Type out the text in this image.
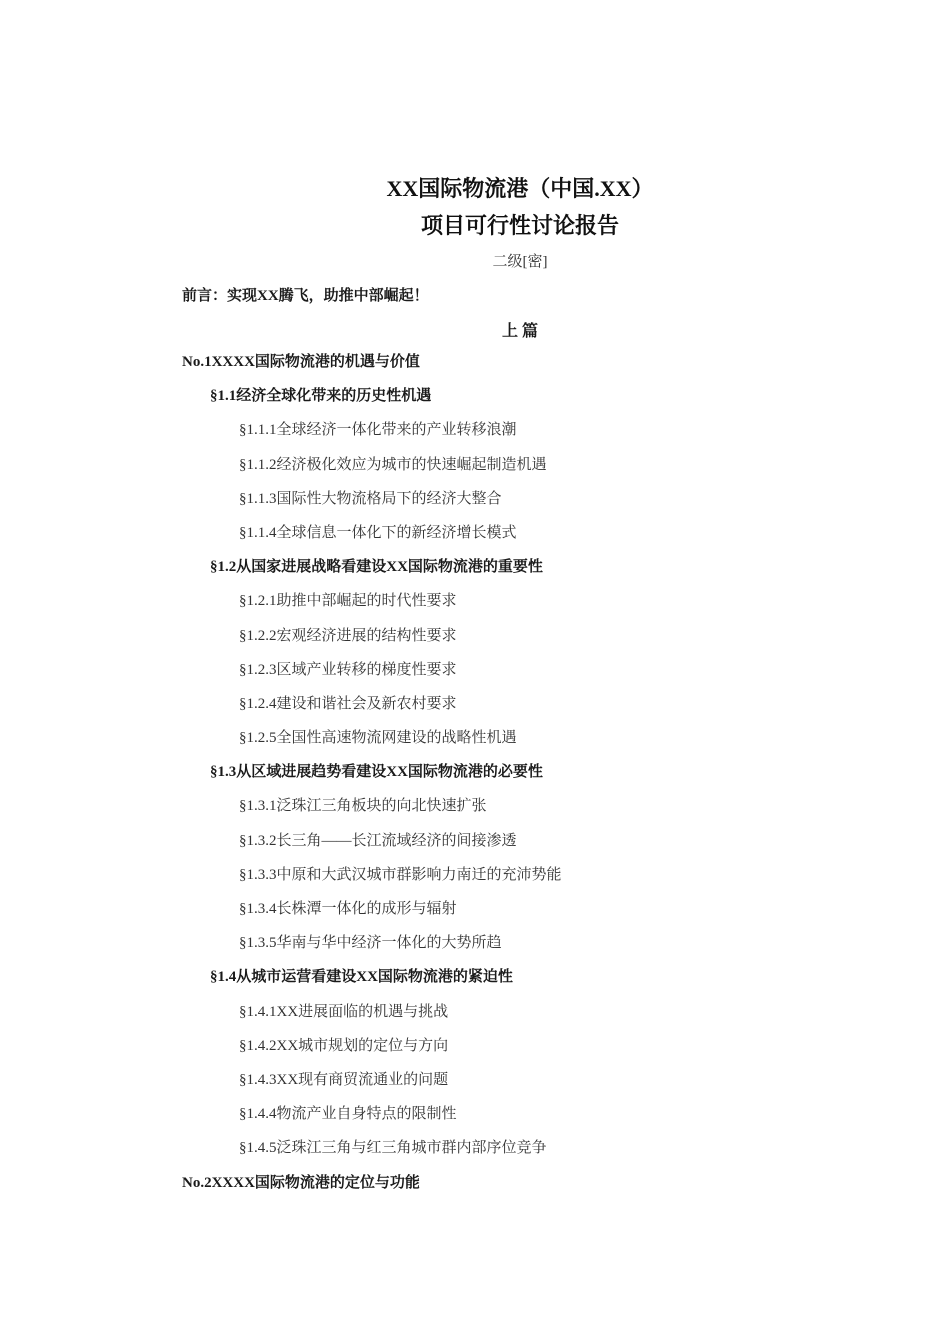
XX国际物流港（中国.XX）
项目可行性讨论报告
二级[密]
前言：实现XX腾飞，助推中部崛起！
上 篇
No.1XXXX国际物流港的机遇与价值
§1.1经济全球化带来的历史性机遇
§1.1.1全球经济一体化带来的产业转移浪潮
§1.1.2经济极化效应为城市的快速崛起制造机遇
§1.1.3国际性大物流格局下的经济大整合
§1.1.4全球信息一体化下的新经济增长模式
§1.2从国家进展战略看建设XX国际物流港的重要性
§1.2.1助推中部崛起的时代性要求
§1.2.2宏观经济进展的结构性要求
§1.2.3区域产业转移的梯度性要求
§1.2.4建设和谐社会及新农村要求
§1.2.5全国性高速物流网建设的战略性机遇
§1.3从区域进展趋势看建设XX国际物流港的必要性
§1.3.1泛珠江三角板块的向北快速扩张
§1.3.2长三角——长江流域经济的间接渗透
§1.3.3中原和大武汉城市群影响力南迁的充沛势能
§1.3.4长株潭一体化的成形与辐射
§1.3.5华南与华中经济一体化的大势所趋
§1.4从城市运营看建设XX国际物流港的紧迫性
§1.4.1XX进展面临的机遇与挑战
§1.4.2XX城市规划的定位与方向
§1.4.3XX现有商贸流通业的问题
§1.4.4物流产业自身特点的限制性
§1.4.5泛珠江三角与红三角城市群内部序位竞争
No.2XXXX国际物流港的定位与功能
